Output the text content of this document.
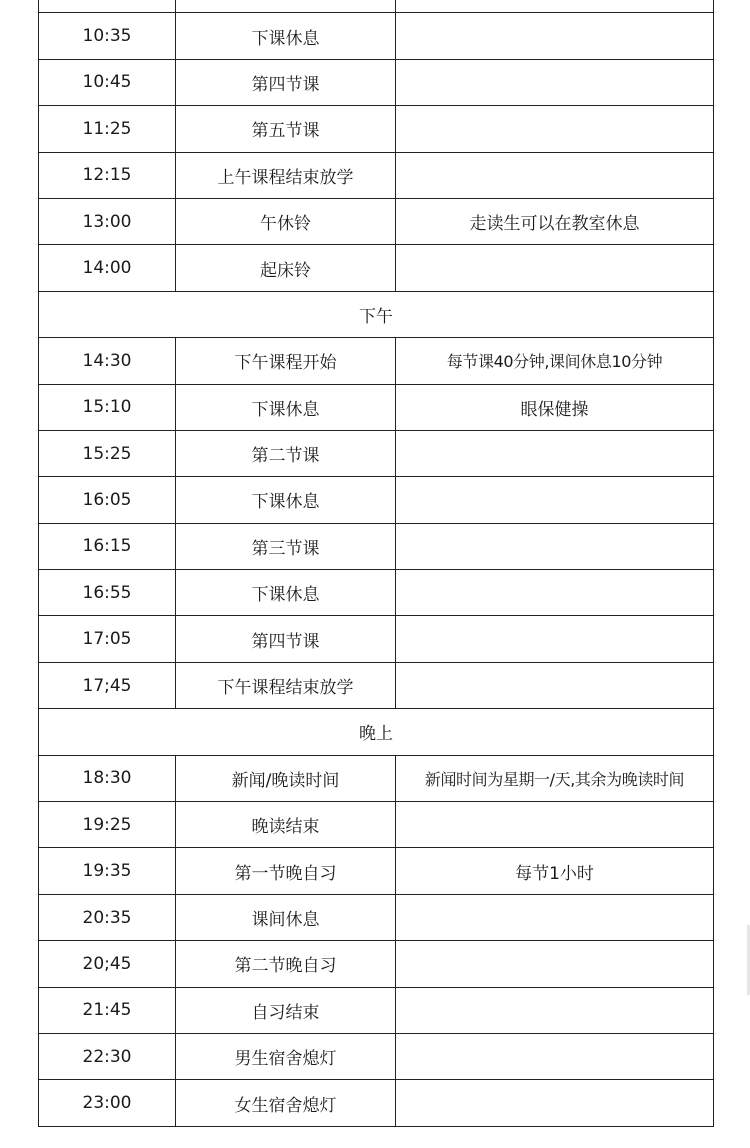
10:35	下课休息	
10:45	第四节课	
11:25	第五节课	
12:15	上午课程结束放学	
13:00	午休铃	走读生可以在教室休息
14:00	起床铃	
下午		
14:30	下午课程开始	每节课40分钟,课间休息10分钟
15:10	下课休息	眼保健操
15:25	第二节课	
16:05	下课休息	
16:15	第三节课	
16:55	下课休息	
17:05	第四节课	
17;45	下午课程结束放学	
晚上		
18:30	新闻/晚读时间	新闻时间为星期一/天,其余为晚读时间
19:25	晚读结束	
19:35	第一节晚自习	每节1小时
20:35	课间休息	
20;45	第二节晚自习	
21:45	自习结束	
22:30	男生宿舍熄灯	
23:00	女生宿舍熄灯	
